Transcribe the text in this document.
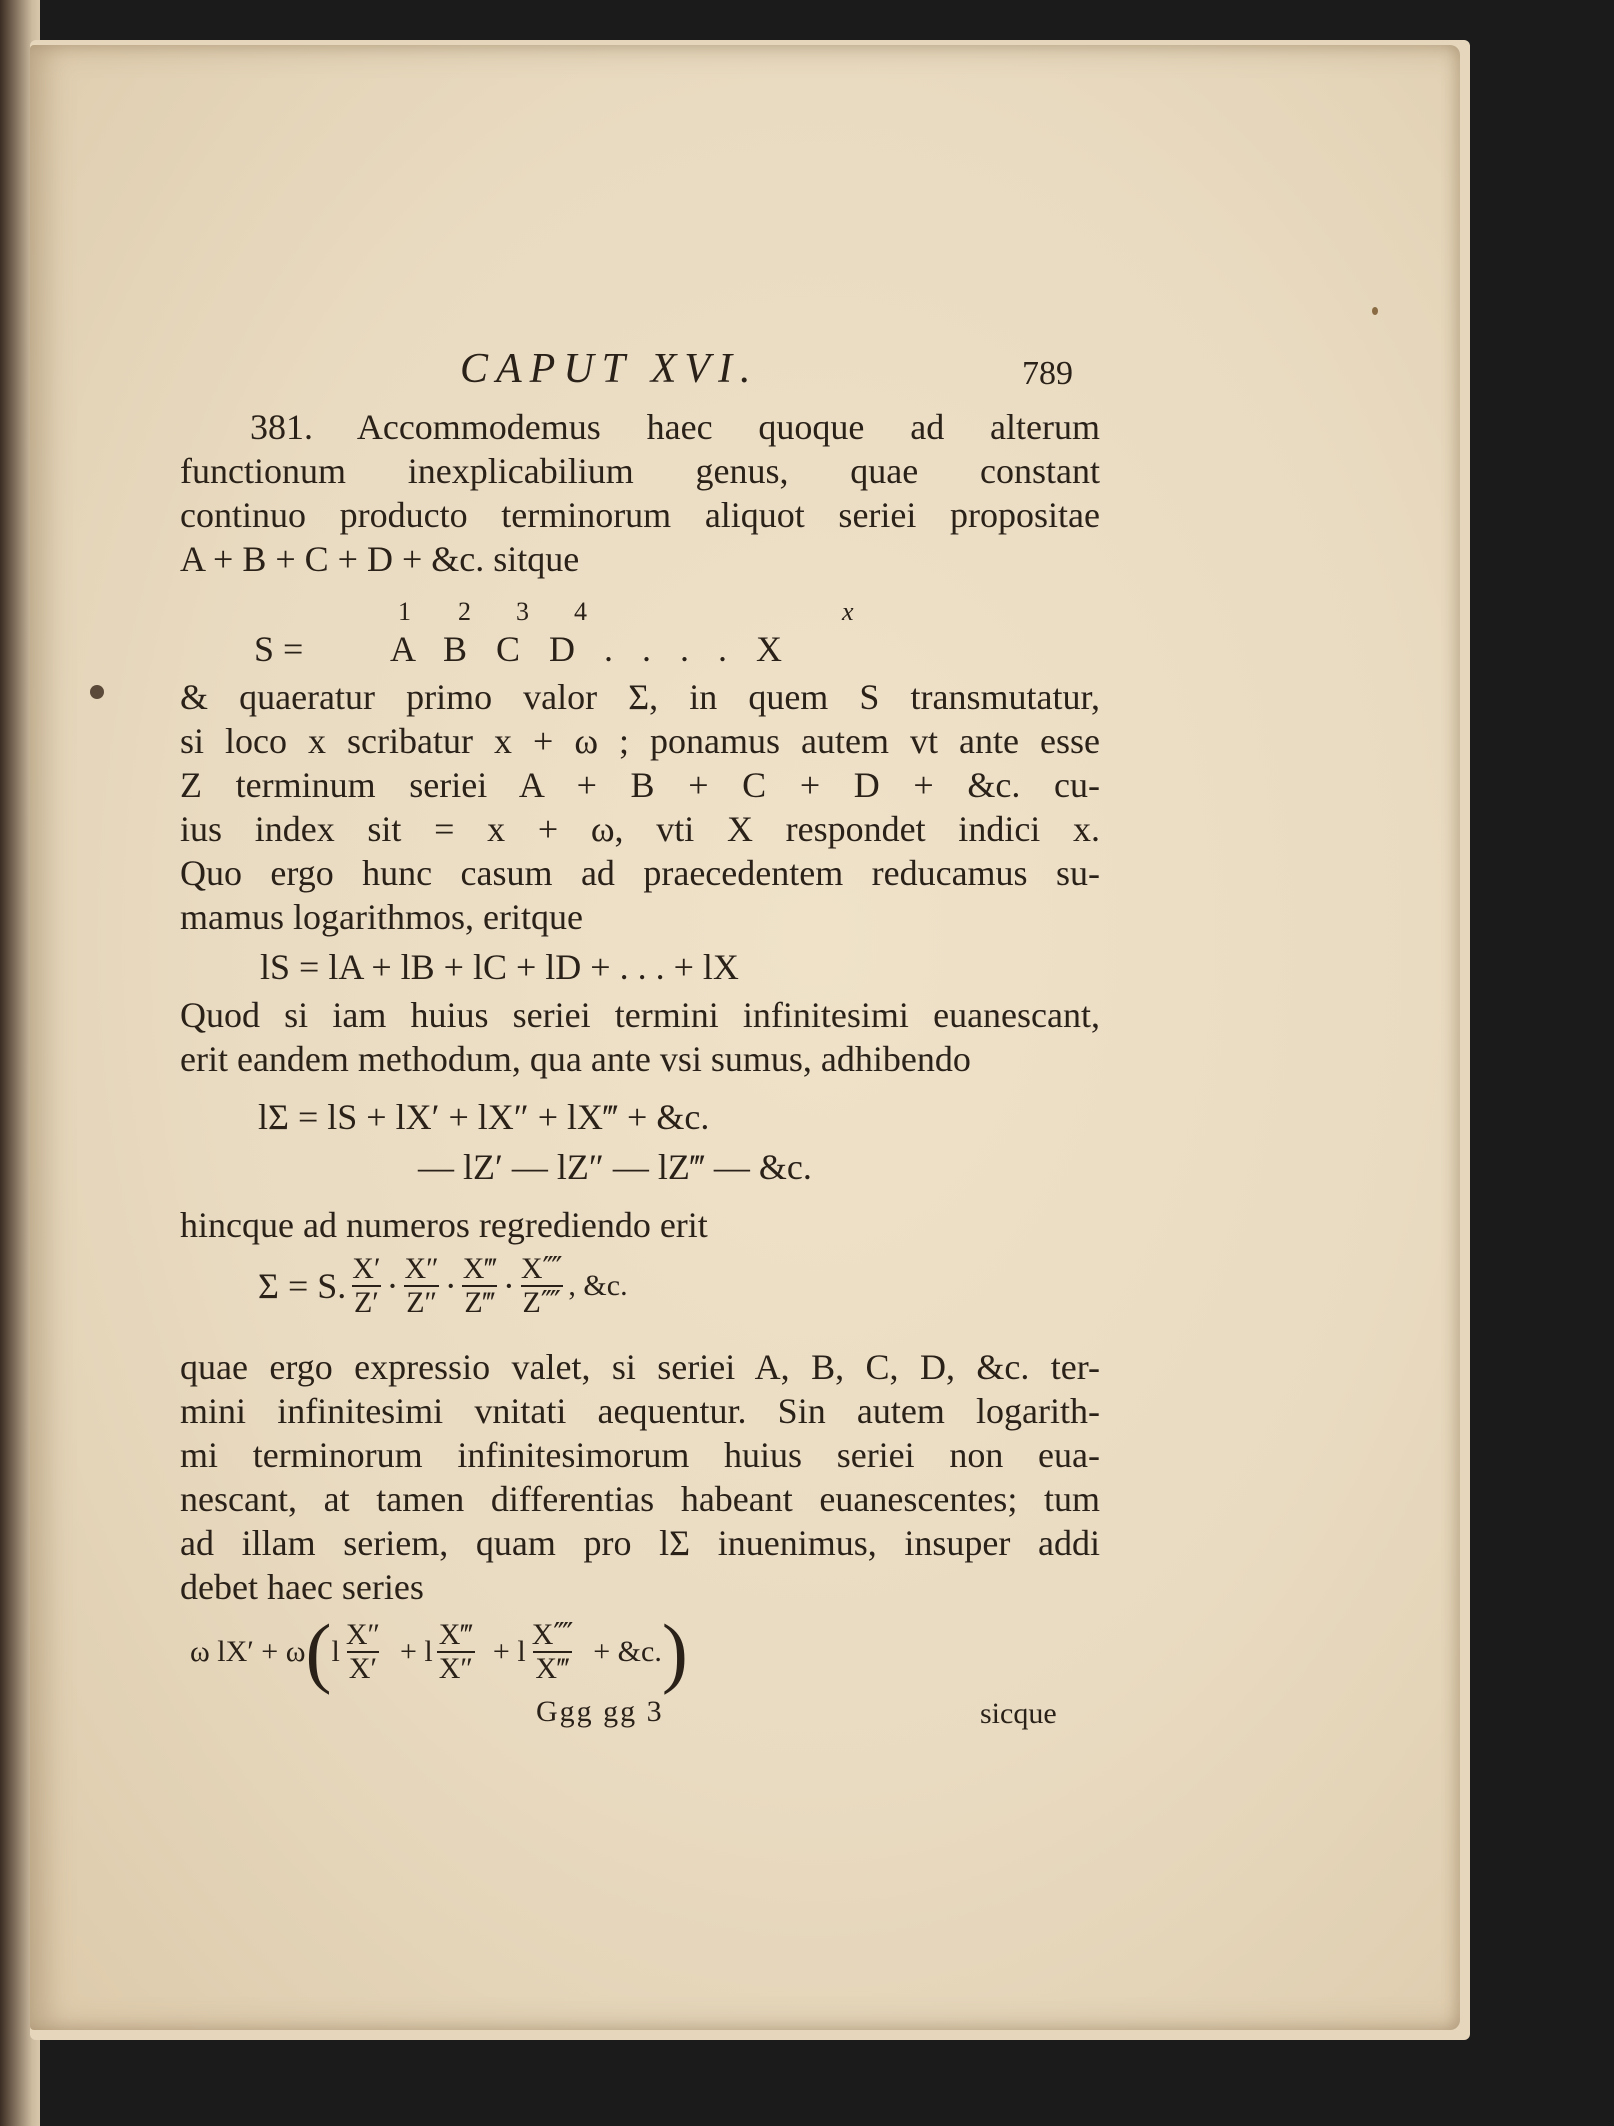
CAPUT XVI.	789
381. Accommodemus haec quoque ad alterum
functionum inexplicabilium genus, quae constant
continuo producto terminorum aliquot seriei propositae
A + B + C + D + &c. sitque
1 2 3 4	x
S = A B C D . . . . X
& quaeratur primo valor Σ, in quem S transmutatur,
si loco x scribatur x + ω ; ponamus autem vt ante esse
Z terminum seriei A + B + C + D + &c. cu-
ius index sit = x + ω, vti X respondet indici x.
Quo ergo hunc casum ad praecedentem reducamus su-
mamus logarithmos, eritque
lS = lA + lB + lC + lD + . . . + lX
Quod si iam huius seriei termini infinitesimi euanescant,
erit eandem methodum, qua ante vsi sumus, adhibendo
lΣ = lS + lX′ + lX″ + lX‴ + &c.
— lZ′ — lZ″ — lZ‴ — &c.
hincque ad numeros regrediendo erit
Σ = S. $\frac{X'}{Z'} \cdot \frac{X''}{Z''} \cdot \frac{X‴}{Z‴} \cdot \frac{X⁗}{Z⁗}$ , &c.
quae ergo expressio valet, si seriei A, B, C, D, &c. ter-
mini infinitesimi vnitati aequentur. Sin autem logarith-
mi terminorum infinitesimorum huius seriei non eua-
nescant, at tamen differentias habeant euanescentes; tum
ad illam seriem, quam pro lΣ inuenimus, insuper addi
debet haec series
ω lX′ + ω ( l $\frac{X''}{X'} + l \frac{X‴}{X''} + l \frac{X⁗}{X‴}$ + &c. )
Ggg gg 3	sicque
